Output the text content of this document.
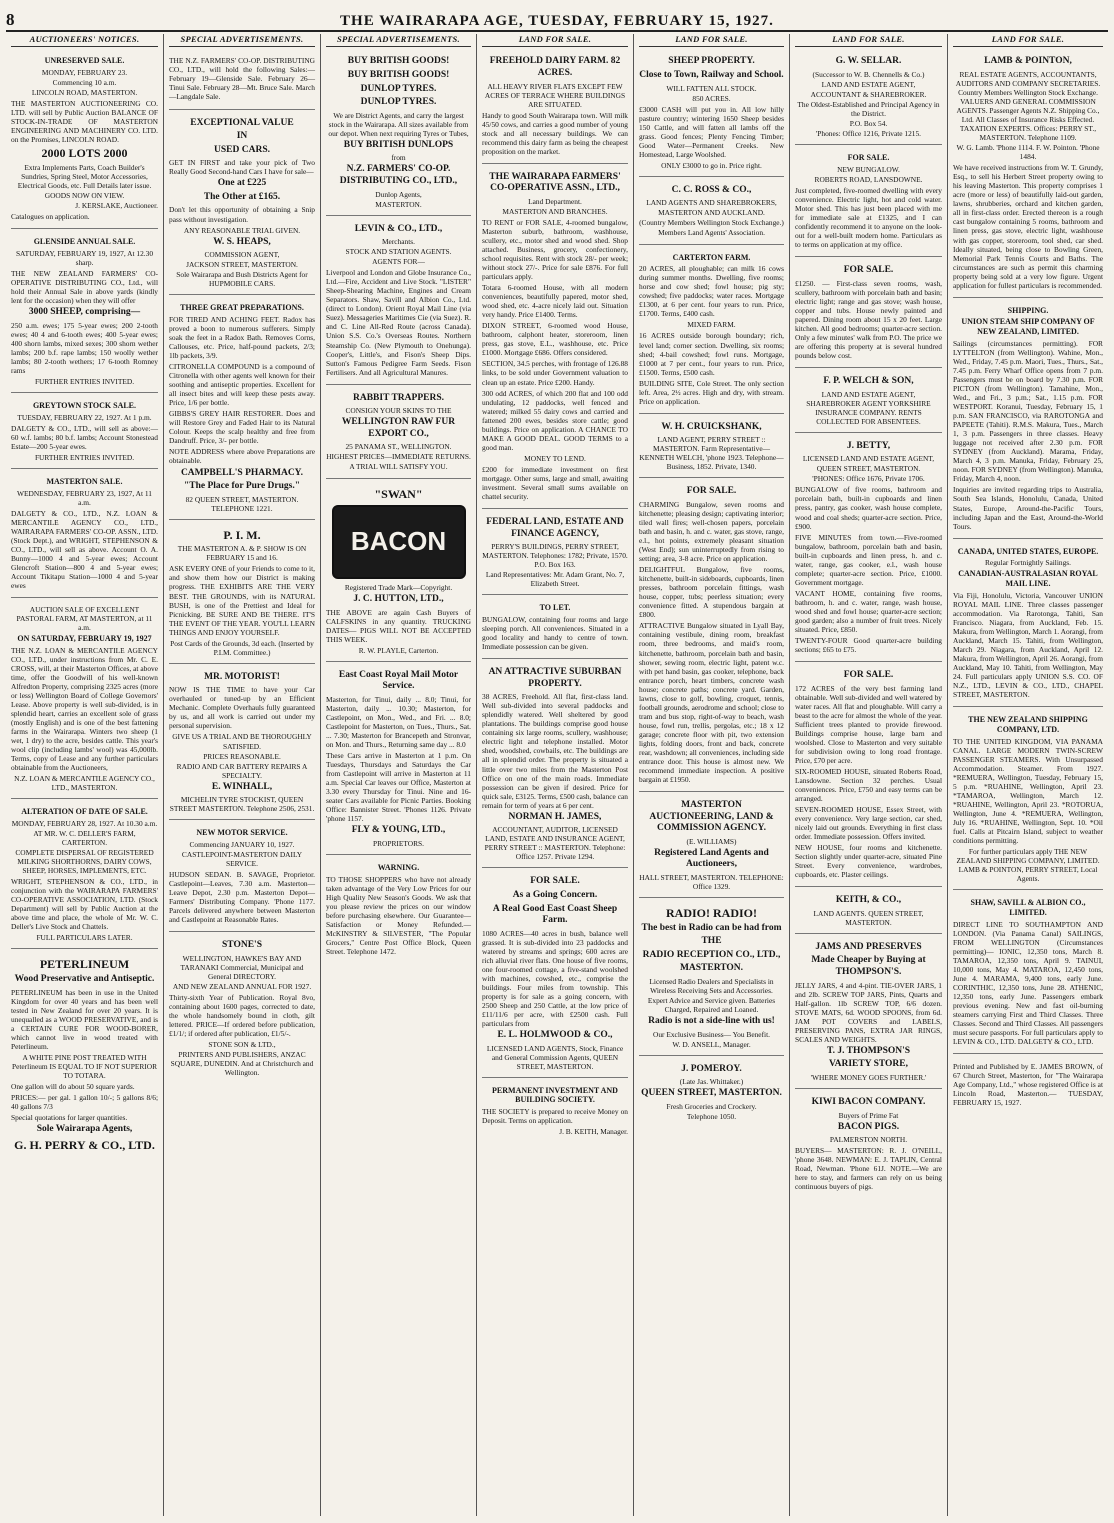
8	THE WAIRARAPA AGE, TUESDAY, FEBRUARY 15, 1927.
AUCTIONEERS' NOTICES.
UNRESERVED SALE.
MONDAY, FEBRUARY 23.
Commencing 10 a.m.
LINCOLN ROAD, MASTERTON.
THE MASTERTON AUCTIONEERING CO. LTD. will sell by Public Auction BALANCE OF STOCK-IN-TRADE OF MASTERTON ENGINEERING AND MACHINERY CO. LTD. on the Promises, LINCOLN ROAD.
2000 LOTS 2000
Extra Implements Parts, Coach Builder's Sundries, Spring Steel, Motor Accessories, Electrical Goods, etc. Full Details later issue.
GOODS NOW ON VIEW.
J. KERSLAKE, Auctioneer.
Catalogues on application.
GLENSIDE ANNUAL SALE.
SATURDAY, FEBRUARY 19, 1927, At 12.30 sharp.
THE NEW ZEALAND FARMERS' CO-OPERATIVE DISTRIBUTING CO., Ltd., will hold their Annual Sale in above yards (kindly lent for the occasion) when they will offer
3000 SHEEP, comprising—
250 a.m. ewes; 175 5-year ewes; 200 2-tooth ewes; 40 4 and 6-tooth ewes; 400 5-year ewes; 400 shorn lambs, mixed sexes; 300 shorn wether lambs; 200 b.f. rape lambs; 150 woolly wether lambs; 80 2-tooth wethers; 17 6-tooth Romney rams
FURTHER ENTRIES INVITED.
GREYTOWN STOCK SALE.
TUESDAY, FEBRUARY 22, 1927. At 1 p.m.
DALGETY & CO., LTD., will sell as above:— 60 w.f. lambs; 80 b.f. lambs; Account Stonestead Estate—200 5-year ewes.
FURTHER ENTRIES INVITED.
MASTERTON SALE.
WEDNESDAY, FEBRUARY 23, 1927, At 11 a.m.
DALGETY & CO., LTD., N.Z. LOAN & MERCANTILE AGENCY CO., LTD., WAIRARAPA FARMERS' CO-OP. ASSN., LTD. (Stock Dept.), and WRIGHT, STEPHENSON & CO., LTD., will sell as above. Account O. A. Bunny—1000 4 and 5-year ewes; Account Glencroft Station—800 4 and 5-year ewes; Account Tikitapu Station—1000 4 and 5-year ewes
AUCTION SALE OF EXCELLENT PASTORAL FARM, AT MASTERTON, at 11 a.m.
ON SATURDAY, FEBRUARY 19, 1927
THE N.Z. LOAN & MERCANTILE AGENCY CO., LTD., under instructions from Mr. C. E. CROSS, will, at their Masterton Offices, at above time, offer the Goodwill of his well-known Alfredton Property, comprising 2325 acres (more or less) Wellington Board of College Governors' Lease. Above property is well sub-divided, is in splendid heart, carries an excellent sole of grass (mostly English) and is one of the best fattening farms in the Wairarapa. Winters two sheep (1 wet, 1 dry) to the acre, besides cattle. This year's wool clip (including lambs' wool) was 45,000lb. Terms, copy of Lease and any further particulars obtainable from the Auctioneers,
N.Z. LOAN & MERCANTILE AGENCY CO., LTD., MASTERTON.
ALTERATION OF DATE OF SALE.
MONDAY, FEBRUARY 28, 1927. At 10.30 a.m.
AT MR. W. C. DELLER'S FARM, CARTERTON.
COMPLETE DISPERSAL OF REGISTERED MILKING SHORTHORNS, DAIRY COWS, SHEEP, HORSES, IMPLEMENTS, ETC.
WRIGHT, STEPHENSON & CO., LTD., in conjunction with the WAIRARAPA FARMERS' CO-OPERATIVE ASSOCIATION, LTD. (Stock Department) will sell by Public Auction at the above time and place, the whole of Mr. W. C. Deller's Live Stock and Chattels.
FULL PARTICULARS LATER.
PETERLINEUM
Wood Preservative and Antiseptic.
PETERLINEUM has been in use in the United Kingdom for over 40 years and has been well tested in New Zealand for over 20 years. It is unequalled as a WOOD PRESERVATIVE, and is a CERTAIN CURE FOR WOOD-BORER, which cannot live in wood treated with Peterlineum.
A WHITE PINE POST TREATED WITH Peterlineum IS EQUAL TO IF NOT SUPERIOR TO TOTARA.
One gallon will do about 50 square yards.
PRICES:— per gal. 1 gallon 10/-; 5 gallons 8/6; 40 gallons 7/3
Special quotations for larger quantities.
Sole Wairarapa Agents,
G. H. PERRY & CO., LTD.
SPECIAL ADVERTISEMENTS.
THE N.Z. FARMERS' CO-OP. DISTRIBUTING CO., LTD., will hold the following Sales:— February 19—Glenside Sale. February 26—Tinui Sale. February 28—Mt. Bruce Sale. March—Langdale Sale.
EXCEPTIONAL VALUE
IN
USED CARS.
GET IN FIRST and take your pick of Two Really Good Second-hand Cars I have for sale—
One at £225
The Other at £165.
Don't let this opportunity of obtaining a Snip pass without investigation.
ANY REASONABLE TRIAL GIVEN.
W. S. HEAPS,
COMMISSION AGENT,
JACKSON STREET, MASTERTON.
Sole Wairarapa and Bush Districts Agent for HUPMOBILE CARS.
THREE GREAT PREPARATIONS.
FOR TIRED AND ACHING FEET. Radox has proved a boon to numerous sufferers. Simply soak the feet in a Radox Bath. Removes Corns, Callouses, etc. Price, half-pound packets, 2/3; 1lb packets, 3/9.
CITRONELLA COMPOUND is a compound of Citronella with other agents well known for their soothing and antiseptic properties. Excellent for all insect bites and will keep these pests away. Price, 1/6 per bottle.
GIBBS'S GREY HAIR RESTORER. Does and will Restore Grey and Faded Hair to its Natural Colour. Keeps the scalp healthy and free from Dandruff. Price, 3/- per bottle.
NOTE ADDRESS where above Preparations are obtainable.
CAMPBELL'S PHARMACY.
"The Place for Pure Drugs."
82 QUEEN STREET, MASTERTON. TELEPHONE 1221.
P. I. M.
THE MASTERTON A. & P. SHOW IS ON FEBRUARY 15 and 16.
ASK EVERY ONE of your Friends to come to it, and show them how our District is making progress. THE EXHIBITS ARE THE VERY BEST. THE GROUNDS, with its NATURAL BUSH, is one of the Prettiest and Ideal for Picnicking. BE SURE AND BE THERE. IT'S THE EVENT OF THE YEAR. YOU'LL LEARN THINGS AND ENJOY YOURSELF.
Post Cards of the Grounds, 3d each. (Inserted by P.I.M. Committee.)
MR. MOTORIST!
NOW IS THE TIME to have your Car overhauled or tuned-up by an Efficient Mechanic. Complete Overhauls fully guaranteed by us, and all work is carried out under my personal supervision.
GIVE US A TRIAL AND BE THOROUGHLY SATISFIED.
PRICES REASONABLE.
RADIO AND CAR BATTERY REPAIRS A SPECIALTY.
E. WINHALL,
MICHELIN TYRE STOCKIST, QUEEN STREET MASTERTON. Telephone 2506, 2531.
NEW MOTOR SERVICE.
Commencing JANUARY 10, 1927.
CASTLEPOINT-MASTERTON DAILY SERVICE.
HUDSON SEDAN. B. SAVAGE, Proprietor. Castlepoint—Leaves, 7.30 a.m. Masterton—Leave Depot, 2.30 p.m. Masterton Depot—Farmers' Distributing Company. 'Phone 1177. Parcels delivered anywhere between Masterton and Castlepoint at Reasonable Rates.
STONE'S
WELLINGTON, HAWKE'S BAY AND TARANAKI Commercial, Municipal and General DIRECTORY.
AND NEW ZEALAND ANNUAL FOR 1927.
Thirty-sixth Year of Publication. Royal 8vo, containing about 1600 pages, corrected to date, the whole handsomely bound in cloth, gilt lettered. PRICE—If ordered before publication, £1/1/; if ordered after publication, £1/5/-.
STONE SON & LTD.,
PRINTERS AND PUBLISHERS, ANZAC SQUARE, DUNEDIN. And at Christchurch and Wellington.
SPECIAL ADVERTISEMENTS.
BUY BRITISH GOODS!
BUY BRITISH GOODS!
DUNLOP TYRES.
DUNLOP TYRES.
We are District Agents, and carry the largest stock in the Wairarapa. All sizes available from our depot. When next requiring Tyres or Tubes,
BUY BRITISH DUNLOPS
from
N.Z. FARMERS' CO-OP. DISTRIBUTING CO., LTD.,
Dunlop Agents,
MASTERTON.
LEVIN & CO., LTD.,
Merchants.
STOCK AND STATION AGENTS.
AGENTS FOR—
Liverpool and London and Globe Insurance Co., Ltd.—Fire, Accident and Live Stock. "LISTER" Sheep-Shearing Machine, Engines and Cream Separators. Shaw, Savill and Albion Co., Ltd. (direct to London). Orient Royal Mail Line (via Suez). Messageries Maritimes Cie (via Suez). R. and C. Line All-Red Route (across Canada). Union S.S. Co.'s Overseas Routes. Northern Steamship Co. (New Plymouth to Onehunga). Cooper's, Little's, and Fison's Sheep Dips. Sutton's Famous Pedigree Farm Seeds. Fison Fertilisers. And all Agricultural Manures.
RABBIT TRAPPERS.
CONSIGN YOUR SKINS TO THE
WELLINGTON RAW FUR EXPORT CO.,
25 PANAMA ST., WELLINGTON.
HIGHEST PRICES—IMMEDIATE RETURNS.
A TRIAL WILL SATISFY YOU.
"SWAN"
BACON
Registered Trade Mark—Copyright.
J. C. HUTTON, LTD.,
THE ABOVE are again Cash Buyers of CALFSKINS in any quantity. TRUCKING DATES— PIGS WILL NOT BE ACCEPTED THIS WEEK.
R. W. PLAYLE, Carterton.
East Coast Royal Mail Motor Service.
Masterton, for Tinui, daily ... 8.0; Tinui, for Masterton, daily ... 10.30; Masterton, for Castlepoint, on Mon., Wed., and Fri. ... 8.0; Castlepoint for Masterton, on Tues., Thurs., Sat. ... 7.30; Masterton for Brancepeth and Stronvar, on Mon. and Thurs., Returning same day ... 8.0
These Cars arrive in Masterton at 1 p.m. On Tuesdays, Thursdays and Saturdays the Car from Castlepoint will arrive in Masterton at 11 a.m. Special Car leaves our Office, Masterton at 3.30 every Thursday for Tinui. Nine and 16-seater Cars available for Picnic Parties. Booking Office: Bannister Street. 'Phones 1126. Private 'phone 1157.
FLY & YOUNG, LTD.,
PROPRIETORS.
WARNING.
TO THOSE SHOPPERS who have not already taken advantage of the Very Low Prices for our High Quality New Season's Goods. We ask that you please review the prices on our window before purchasing elsewhere. Our Guarantee—Satisfaction or Money Refunded.—McKINSTRY & SILVESTER, "The Popular Grocers," Centre Post Office Block, Queen Street. Telephone 1472.
LAND FOR SALE.
FREEHOLD DAIRY FARM. 82 ACRES.
ALL HEAVY RIVER FLATS EXCEPT FEW ACRES OF TERRACE WHERE BUILDINGS ARE SITUATED.
Handy to good South Wairarapa town. Will milk 45/50 cows, and carries a good number of young stock and all necessary buildings. We can recommend this dairy farm as being the cheapest proposition on the market.
THE WAIRARAPA FARMERS' CO-OPERATIVE ASSN., LTD.,
Land Department.
MASTERTON AND BRANCHES.
TO RENT or FOR SALE, 4-roomed bungalow, Masterton suburb, bathroom, washhouse, scullery, etc., motor shed and wood shed. Shop attached. Business, grocery, confectionery, school requisites. Rent with stock 28/- per week; without stock 27/-. Price for sale £876. For full particulars apply.
Totara 6-roomed House, with all modern conveniences, beautifully papered, motor shed, wood shed, etc. 4-acre nicely laid out. Situation very handy. Price £1400. Terms.
DIXON STREET, 6-roomed wood House, bathroom, calphont heater, storeroom, linen press, gas stove, E.L., washhouse, etc. Price £1000. Mortgage £686. Offers considered.
SECTION, 34.5 perches, with frontage of 126.88 links, to be sold under Government valuation to clean up an estate. Price £200. Handy.
300 odd ACRES, of which 200 flat and 100 odd undulating, 12 paddocks, well fenced and watered; milked 55 dairy cows and carried and fattened 200 ewes, besides store cattle; good buildings. Price on application. A CHANCE TO MAKE A GOOD DEAL. GOOD TERMS to a good man.
MONEY TO LEND.
£200 for immediate investment on first mortgage. Other sums, large and small, awaiting investment. Several small sums available on chattel security.
FEDERAL LAND, ESTATE AND FINANCE AGENCY,
PERRY'S BUILDINGS, PERRY STREET, MASTERTON. Telephones: 1782; Private, 1570. P.O. Box 163.
Land Representatives: Mr. Adam Grant, No. 7, Elizabeth Street.
TO LET.
BUNGALOW, containing four rooms and large sleeping porch. All conveniences. Situated in a good locality and handy to centre of town. Immediate possession can be given.
AN ATTRACTIVE SUBURBAN PROPERTY.
38 ACRES, Freehold. All flat, first-class land. Well sub-divided into several paddocks and splendidly watered. Well sheltered by good plantations. The buildings comprise good house containing six large rooms, scullery, washhouse; electric light and telephone installed. Motor shed, woodshed, cowbails, etc. The buildings are all in splendid order. The property is situated a little over two miles from the Masterton Post Office on one of the main roads. Immediate possession can be given if desired. Price for quick sale, £3125. Terms, £500 cash, balance can remain for term of years at 6 per cent.
NORMAN H. JAMES,
ACCOUNTANT, AUDITOR, LICENSED LAND, ESTATE AND INSURANCE AGENT, PERRY STREET :: MASTERTON. Telephone: Office 1257. Private 1294.
FOR SALE.
As a Going Concern.
A Real Good East Coast Sheep Farm.
1080 ACRES—40 acres in bush, balance well grassed. It is sub-divided into 23 paddocks and watered by streams and springs; 600 acres are rich alluvial river flats. One house of five rooms, one four-roomed cottage, a five-stand woolshed with machines, cowshed, etc., comprise the buildings. Four miles from township. This property is for sale as a going concern, with 2500 Sheep and 250 Cattle, at the low price of £11/11/6 per acre, with £2500 cash. Full particulars from
E. L. HOLMWOOD & CO.,
LICENSED LAND AGENTS, Stock, Finance and General Commission Agents, QUEEN STREET, MASTERTON.
PERMANENT INVESTMENT AND BUILDING SOCIETY.
THE SOCIETY is prepared to receive Money on Deposit. Terms on application.
J. B. KEITH, Manager.
LAND FOR SALE.
SHEEP PROPERTY.
Close to Town, Railway and School.
WILL FATTEN ALL STOCK.
850 ACRES.
£3000 CASH will put you in. All low hilly pasture country; wintering 1650 Sheep besides 150 Cattle, and will fatten all lambs off the grass. Good fences; Plenty Fencing Timber; Good Water—Permanent Creeks. New Homestead, Large Woolshed.
ONLY £3000 to go in. Price right.
C. C. ROSS & CO.,
LAND AGENTS AND SHAREBROKERS,
MASTERTON AND AUCKLAND.
(Country Members Wellington Stock Exchange.)
Members Land Agents' Association.
CARTERTON FARM.
20 ACRES, all ploughable; can milk 16 cows during summer months. Dwelling, five rooms; horse and cow shed; fowl house; pig sty; cowshed; five paddocks; water races. Mortgage £1300, at 6 per cent. four years to run. Price, £1700. Terms, £400 cash.
MIXED FARM.
16 ACRES outside borough boundary; rich, level land; corner section. Dwelling, six rooms; shed; 4-bail cowshed; fowl runs. Mortgage, £1000 at 7 per cent., four years to run. Price, £1500. Terms, £500 cash.
BUILDING SITE, Cole Street. The only section left. Area, 2½ acres. High and dry, with stream. Price on application.
W. H. CRUICKSHANK,
LAND AGENT, PERRY STREET :: MASTERTON. Farm Representative— KENNETH WELCH, 'phone 1923. Telephone— Business, 1852. Private, 1340.
FOR SALE.
CHARMING Bungalow, seven rooms and kitchenette; pleasing design; captivating interior; tiled wall fires; well-chosen papers, porcelain bath and basin, h. and c. water, gas stove, range, e.l., hot points, extremely pleasant situation (West End); sun uninterruptedly from rising to setting; area, 3-8 acre. Price on application.
DELIGHTFUL Bungalow, five rooms, kitchenette, built-in sideboards, cupboards, linen presses, bathroom porcelain fittings, wash house, copper, tubs; peerless situation; every convenience fitted. A stupendous bargain at £800.
ATTRACTIVE Bungalow situated in Lyall Bay, containing vestibule, dining room, breakfast room, three bedrooms, and maid's room, kitchenette, bathroom, porcelain bath and basin, shower, sewing room, electric light, patent w.c. with pet hand basin, gas cooker, telephone, back entrance porch, heart timbers, concrete wash house; concrete paths; concrete yard. Garden, lawns, close to golf, bowling, croquet, tennis, football grounds, aerodrome and school; close to tram and bus stop, right-of-way to beach, wash house, fowl run, trellis, pergolas, etc.; 18 x 12 garage; concrete floor with pit, two extension lights, folding doors, front and back, concrete rear, washdown; all conveniences, including side entrance door. This house is almost new. We recommend immediate inspection. A positive bargain at £1950.
MASTERTON AUCTIONEERING, LAND & COMMISSION AGENCY.
(E. WILLIAMS)
Registered Land Agents and Auctioneers,
HALL STREET, MASTERTON. TELEPHONE: Office 1329.
RADIO! RADIO!
The best in Radio can be had from
THE
RADIO RECEPTION CO., LTD.,
MASTERTON.
Licensed Radio Dealers and Specialists in Wireless Receiving Sets and Accessories.
Expert Advice and Service given. Batteries Charged, Repaired and Loaned.
Radio is not a side-line with us!
Our Exclusive Business— You Benefit.
W. D. ANSELL, Manager.
J. POMEROY.
(Late Jas. Whittaker.)
QUEEN STREET, MASTERTON.
Fresh Groceries and Crockery.
Telephone 1050.
LAND FOR SALE.
G. W. SELLAR.
(Successor to W. B. Chennells & Co.)
LAND AND ESTATE AGENT,
ACCOUNTANT & SHAREBROKER.
The Oldest-Established and Principal Agency in the District.
P.O. Box 54.
'Phones: Office 1216, Private 1215.
FOR SALE.
NEW BUNGALOW.
ROBERTS ROAD, LANSDOWNE.
Just completed, five-roomed dwelling with every convenience. Electric light, hot and cold water. Motor shed. This has just been placed with me for immediate sale at £1325, and I can confidently recommend it to anyone on the look-out for a well-built modern home. Particulars as to terms on application at my office.
FOR SALE.
£1250. — First-class seven rooms, wash, scullery, bathroom with porcelain bath and basin; electric light; range and gas stove; wash house, copper and tubs. House newly painted and papered. Dining room about 15 x 20 feet. Large kitchen. All good bedrooms; quarter-acre section. Only a few minutes' walk from P.O. The price we are offering this property at is several hundred pounds below cost.
F. P. WELCH & SON,
LAND AND ESTATE AGENT, SHAREBROKER AGENT YORKSHIRE INSURANCE COMPANY. RENTS COLLECTED FOR ABSENTEES.
J. BETTY,
LICENSED LAND AND ESTATE AGENT,
QUEEN STREET, MASTERTON.
'PHONES: Office 1676, Private 1706.
BUNGALOW of five rooms, bathroom and porcelain bath, built-in cupboards and linen press, pantry, gas cooker, wash house complete, wood and coal sheds; quarter-acre section. Price, £900.
FIVE MINUTES from town.—Five-roomed bungalow, bathroom, porcelain bath and basin, built-in cupboards and linen press, h. and c. water, range, gas cooker, e.l., wash house complete; quarter-acre section. Price, £1000. Government mortgage.
VACANT HOME, containing five rooms, bathroom, h. and c. water, range, wash house, wood shed and fowl house; quarter-acre section; good garden; also a number of fruit trees. Nicely situated. Price, £850.
TWENTY-FOUR Good quarter-acre building sections; £65 to £75.
FOR SALE.
172 ACRES of the very best farming land obtainable. Well sub-divided and well watered by water races. All flat and ploughable. Will carry a beast to the acre for almost the whole of the year. Sufficient trees planted to provide firewood. Buildings comprise house, large barn and woolshed. Close to Masterton and very suitable for subdivision owing to long road frontage. Price, £70 per acre.
SIX-ROOMED HOUSE, situated Roberts Road, Lansdowne. Section 32 perches. Usual conveniences. Price, £750 and easy terms can be arranged.
SEVEN-ROOMED HOUSE, Essex Street, with every convenience. Very large section, car shed, nicely laid out grounds. Everything in first class order. Immediate possession. Offers invited.
NEW HOUSE, four rooms and kitchenette. Section slightly under quarter-acre, situated Pine Street. Every convenience, wardrobes, cupboards, etc. Plaster ceilings.
KEITH, & CO.,
LAND AGENTS. QUEEN STREET, MASTERTON.
JAMS AND PRESERVES
Made Cheaper by Buying at THOMPSON'S.
JELLY JARS, 4 and 4-pint. TIE-OVER JARS, 1 and 2lb. SCREW TOP JARS, Pints, Quarts and Half-gallon. 1lb SCREW TOP, 6/6 dozen. STOVE MATS, 6d. WOOD SPOONS, from 6d. JAM POT COVERS and LABELS, PRESERVING PANS, EXTRA JAR RINGS, SCALES AND WEIGHTS.
T. J. THOMPSON'S
VARIETY STORE,
'WHERE MONEY GOES FURTHER.'
KIWI BACON COMPANY.
Buyers of Prime Fat
BACON PIGS.
PALMERSTON NORTH.
BUYERS— MASTERTON: R. J. O'NEILL, 'phone 3648. NEWMAN: E. J. TAPLIN, Central Road, Newman. 'Phone 61J. NOTE.—We are here to stay, and farmers can rely on us being continuous buyers of pigs.
LAND FOR SALE.
LAMB & POINTON,
REAL ESTATE AGENTS, ACCOUNTANTS, AUDITORS AND COMPANY SECRETARIES. Country Members Wellington Stock Exchange. VALUERS AND GENERAL COMMISSION AGENTS. Passenger Agents N.Z. Shipping Co., Ltd. All Classes of Insurance Risks Effected. TAXATION EXPERTS. Offices: PERRY ST., MASTERTON. Telephone 1109.
W. G. Lamb. 'Phone 1114. F. W. Pointon. 'Phone 1484.
We have received instructions from W. T. Grundy, Esq., to sell his Herbert Street property owing to his leaving Masterton. This property comprises 1 acre (more or less) of beautifully laid-out garden, lawns, shrubberies, orchard and kitchen garden, all in first-class order. Erected thereon is a rough cast bungalow containing 5 rooms, bathroom and linen press, gas stove, electric light, washhouse with gas copper, storeroom, tool shed, car shed. Ideally situated, being close to Bowling Green, Memorial Park Tennis Courts and Baths. The circumstances are such as permit this charming property being sold at a very low figure. Urgent application for fullest particulars is recommended.
SHIPPING.
UNION STEAM SHIP COMPANY OF NEW ZEALAND, LIMITED.
Sailings (circumstances permitting). FOR LYTTELTON (from Wellington). Wahine, Mon., Wed., Friday, 7.45 p.m. Maori, Tues., Thurs., Sat., 7.45 p.m. Ferry Wharf Office opens from 7 p.m. Passengers must be on board by 7.30 p.m. FOR PICTON (from Wellington). Tamahine, Mon., Wed., and Fri., 3 p.m.; Sat., 1.15 p.m. FOR WESTPORT. Koranui, Tuesday, February 15, 1 p.m. SAN FRANCISCO, via RAROTONGA and PAPEETE (Tahiti). R.M.S. Makura, Tues., March 1, 3 p.m. Passengers in three classes. Heavy luggage not received after 2.30 p.m. FOR SYDNEY (from Auckland). Marama, Friday, March 4, 3 p.m. Manuka, Friday, February 25, noon. FOR SYDNEY (from Wellington). Manuka, Friday, March 4, noon.
Inquiries are invited regarding trips to Australia, South Sea Islands, Honolulu, Canada, United States, Europe, Around-the-Pacific Tours, including Japan and the East, Around-the-World Tours.
CANADA, UNITED STATES, EUROPE.
Regular Fortnightly Sailings.
CANADIAN-AUSTRALASIAN ROYAL MAIL LINE.
Via Fiji, Honolulu, Victoria, Vancouver UNION ROYAL MAIL LINE. Three classes passenger accommodation. Via Rarotonga, Tahiti, San Francisco. Niagara, from Auckland, Feb. 15. Makura, from Wellington, March 1. Aorangi, from Auckland, March 15. Tahiti, from Wellington, March 29. Niagara, from Auckland, April 12. Makura, from Wellington, April 26. Aorangi, from Auckland, May 10. Tahiti, from Wellington, May 24. Full particulars apply UNION S.S. CO. OF N.Z., LTD., LEVIN & CO., LTD., CHAPEL STREET, MASTERTON.
THE NEW ZEALAND SHIPPING COMPANY, LTD.
TO THE UNITED KINGDOM, VIA PANAMA CANAL. LARGE MODERN TWIN-SCREW PASSENGER STEAMERS. With Unsurpassed Accommodation. Steamer. From 1927. *REMUERA, Wellington, Tuesday, February 15, 5 p.m. *RUAHINE, Wellington, April 23. *TAMAROA, Wellington, March 12. *RUAHINE, Wellington, April 23. *ROTORUA, Wellington, June 4. *REMUERA, Wellington, July 16. *RUAHINE, Wellington, Sept. 10. *Oil fuel. Calls at Pitcairn Island, subject to weather conditions permitting.
For further particulars apply THE NEW ZEALAND SHIPPING COMPANY, LIMITED. LAMB & POINTON, PERRY STREET, Local Agents.
SHAW, SAVILL & ALBION CO., LIMITED.
DIRECT LINE TO SOUTHAMPTON AND LONDON. (Via Panama Canal) SAILINGS, FROM WELLINGTON (Circumstances permitting)— IONIC, 12,350 tons, March 8. TAMAROA, 12,350 tons, April 9. TAINUI, 10,000 tons, May 4. MATAROA, 12,450 tons, June 4. MARAMA, 9,400 tons, early June. CORINTHIC, 12,350 tons, June 28. ATHENIC, 12,350 tons, early June. Passengers embark previous evening. New and fast oil-burning steamers carrying First and Third Classes. Three Classes. Second and Third Classes. All passengers must secure passports. For full particulars apply to LEVIN & CO., LTD. DALGETY & CO., LTD.
Printed and Published by E. JAMES BROWN, of 67 Church Street, Masterton, for "The Wairarapa Age Company, Ltd.," whose registered Office is at Lincoln Road, Masterton.— TUESDAY, FEBRUARY 15, 1927.
